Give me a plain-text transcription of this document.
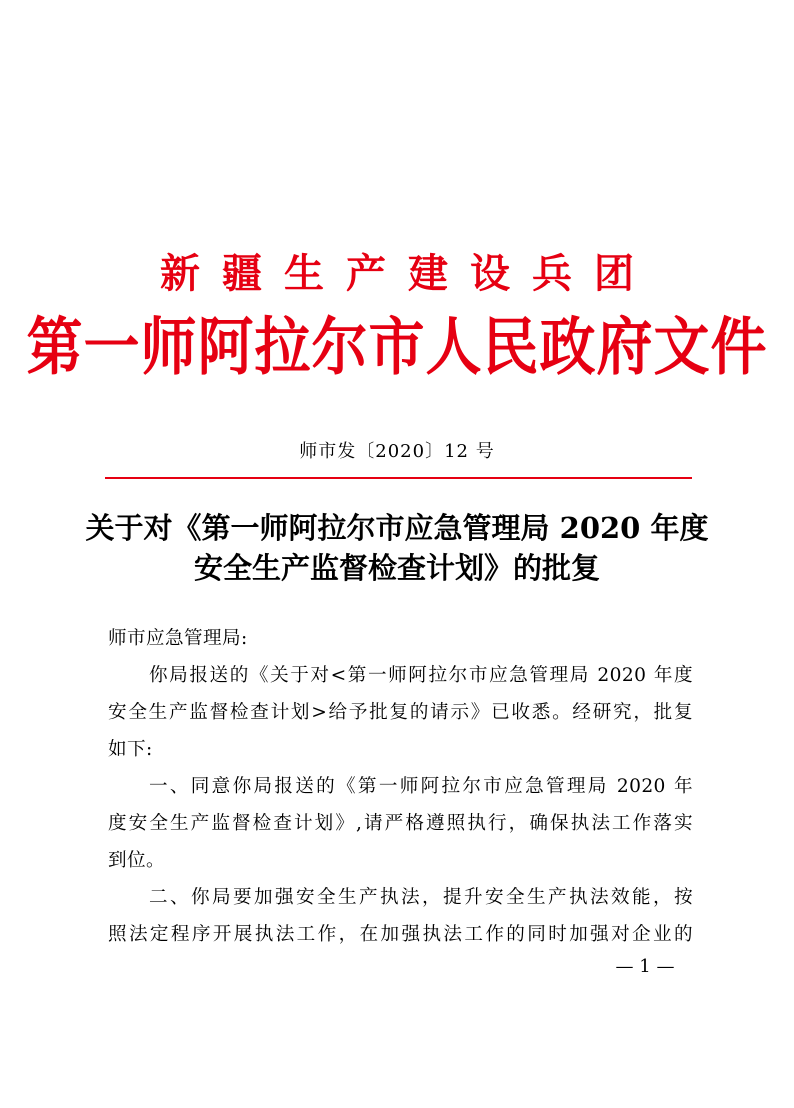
新疆生产建设兵团
第一师阿拉尔市人民政府文件
师市发〔2020〕12 号
关于对《第一师阿拉尔市应急管理局 2020 年度
安全生产监督检查计划》的批复
师市应急管理局:
你局报送的《关于对<第一师阿拉尔市应急管理局 2020 年度
安全生产监督检查计划>给予批复的请示》已收悉。经研究，批复
如下:
一、同意你局报送的《第一师阿拉尔市应急管理局 2020 年
度安全生产监督检查计划》,请严格遵照执行，确保执法工作落实
到位。
二、你局要加强安全生产执法，提升安全生产执法效能，按
照法定程序开展执法工作，在加强执法工作的同时加强对企业的
— 1 —
